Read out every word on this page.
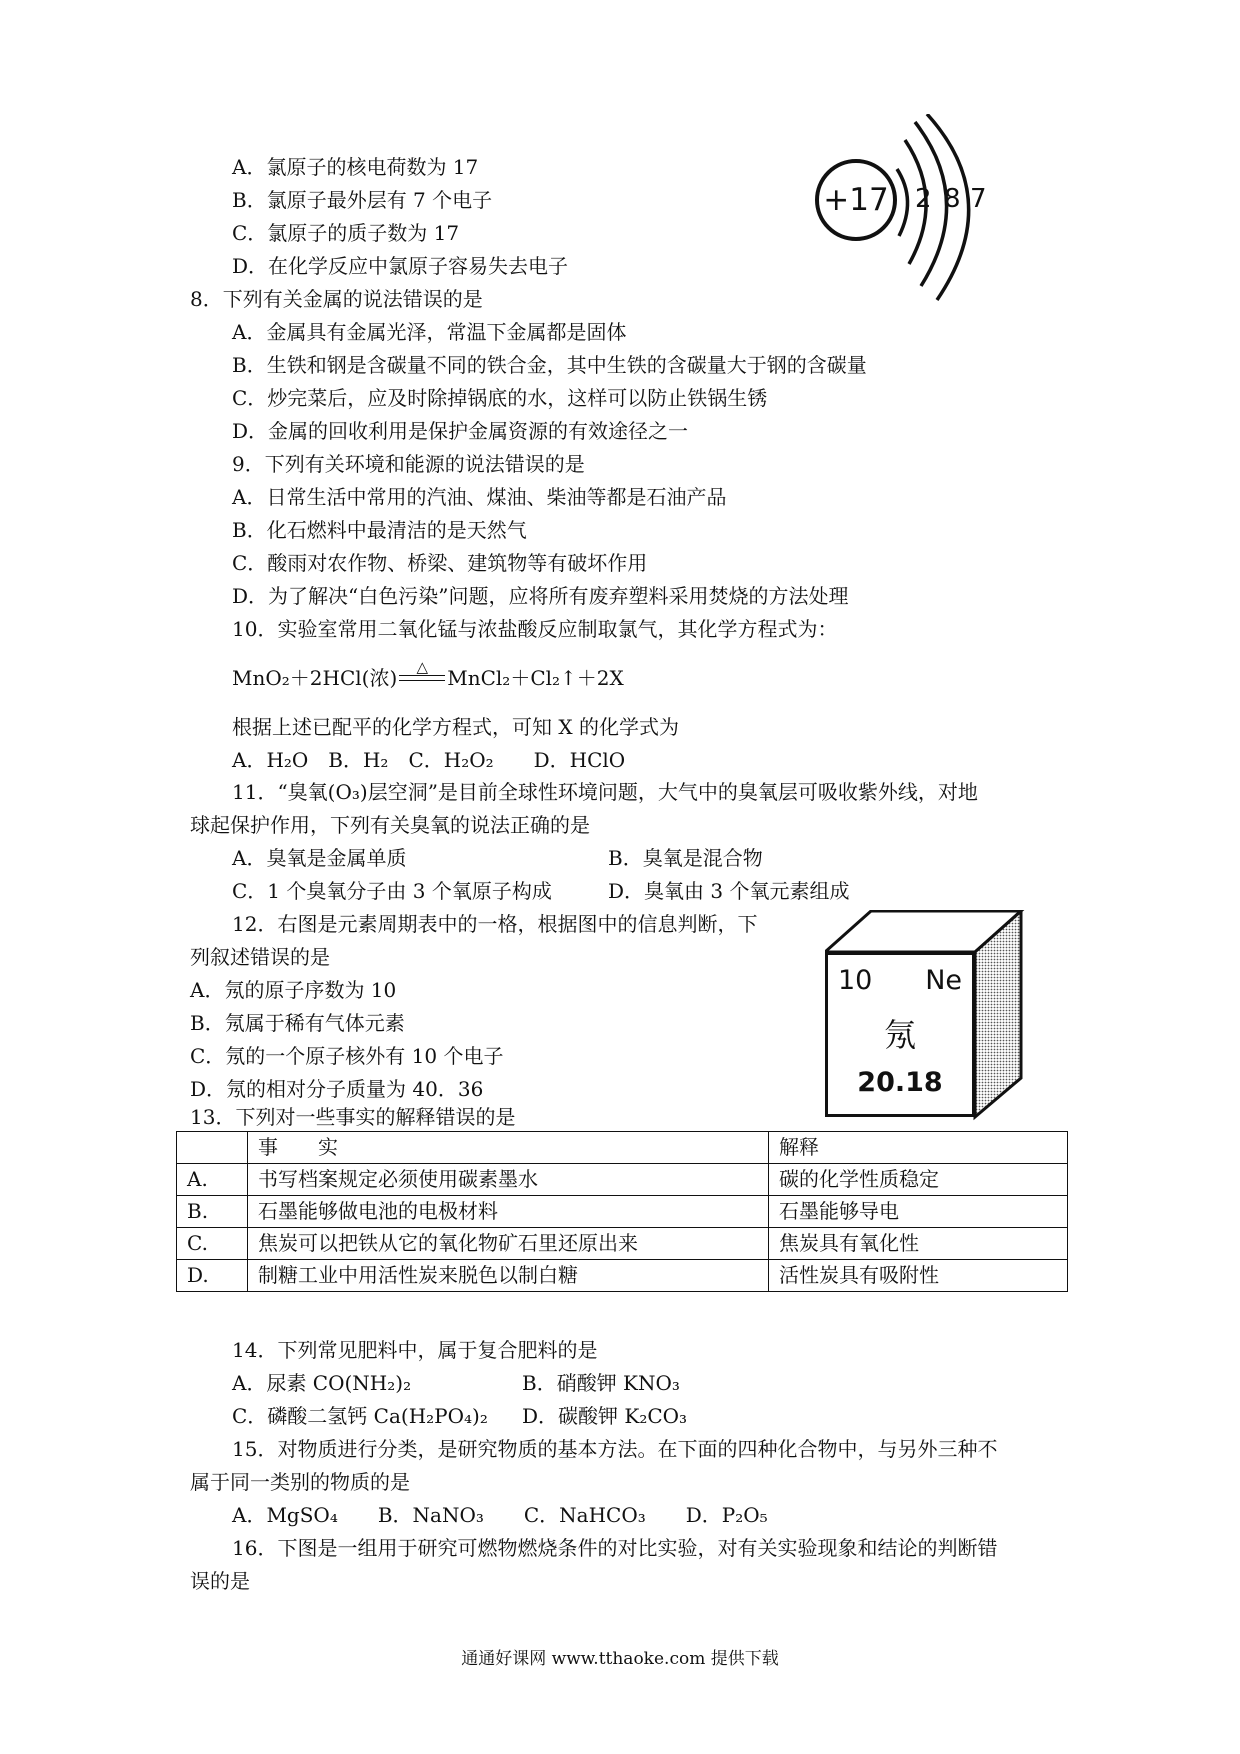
A．氯原子的核电荷数为 17
B．氯原子最外层有 7 个电子
C．氯原子的质子数为 17
D．在化学反应中氯原子容易失去电子
+17	2 8 7
8．下列有关金属的说法错误的是
A．金属具有金属光泽，常温下金属都是固体
B．生铁和钢是含碳量不同的铁合金，其中生铁的含碳量大于钢的含碳量
C．炒完菜后，应及时除掉锅底的水，这样可以防止铁锅生锈
D．金属的回收利用是保护金属资源的有效途径之一
9．下列有关环境和能源的说法错误的是
A．日常生活中常用的汽油、煤油、柴油等都是石油产品
B．化石燃料中最清洁的是天然气
C．酸雨对农作物、桥梁、建筑物等有破坏作用
D．为了解决“白色污染”问题，应将所有废弃塑料采用焚烧的方法处理
10．实验室常用二氧化锰与浓盐酸反应制取氯气，其化学方程式为：
MnO₂＋2HCl(浓)	△ MnCl₂＋Cl₂↑＋2X
根据上述已配平的化学方程式，可知 X 的化学式为
A．H₂O　B．H₂　C．H₂O₂　　D．HClO
11．“臭氧(O₃)层空洞”是目前全球性环境问题，大气中的臭氧层可吸收紫外线，对地
球起保护作用，下列有关臭氧的说法正确的是
A．臭氧是金属单质	B．臭氧是混合物
C．1 个臭氧分子由 3 个氧原子构成	D．臭氧由 3 个氧元素组成
12．右图是元素周期表中的一格，根据图中的信息判断，下
列叙述错误的是
A．氖的原子序数为 10
B．氖属于稀有气体元素
C．氖的一个原子核外有 10 个电子
D．氖的相对分子质量为 40．36
10 Ne
氖
20.18
13．下列对一些事实的解释错误的是
	事　　实	解释
A.	书写档案规定必须使用碳素墨水	碳的化学性质稳定
B.	石墨能够做电池的电极材料	石墨能够导电
C.	焦炭可以把铁从它的氧化物矿石里还原出来	焦炭具有氧化性
D.	制糖工业中用活性炭来脱色以制白糖	活性炭具有吸附性
14．下列常见肥料中，属于复合肥料的是
A．尿素 CO(NH₂)₂	B．硝酸钾 KNO₃
C．磷酸二氢钙 Ca(H₂PO₄)₂ D．碳酸钾 K₂CO₃
15．对物质进行分类，是研究物质的基本方法。在下面的四种化合物中，与另外三种不
属于同一类别的物质的是
A．MgSO₄　　B．NaNO₃　　C．NaHCO₃　　D．P₂O₅
16．下图是一组用于研究可燃物燃烧条件的对比实验，对有关实验现象和结论的判断错
误的是
通通好课网 www.tthaoke.com 提供下载
